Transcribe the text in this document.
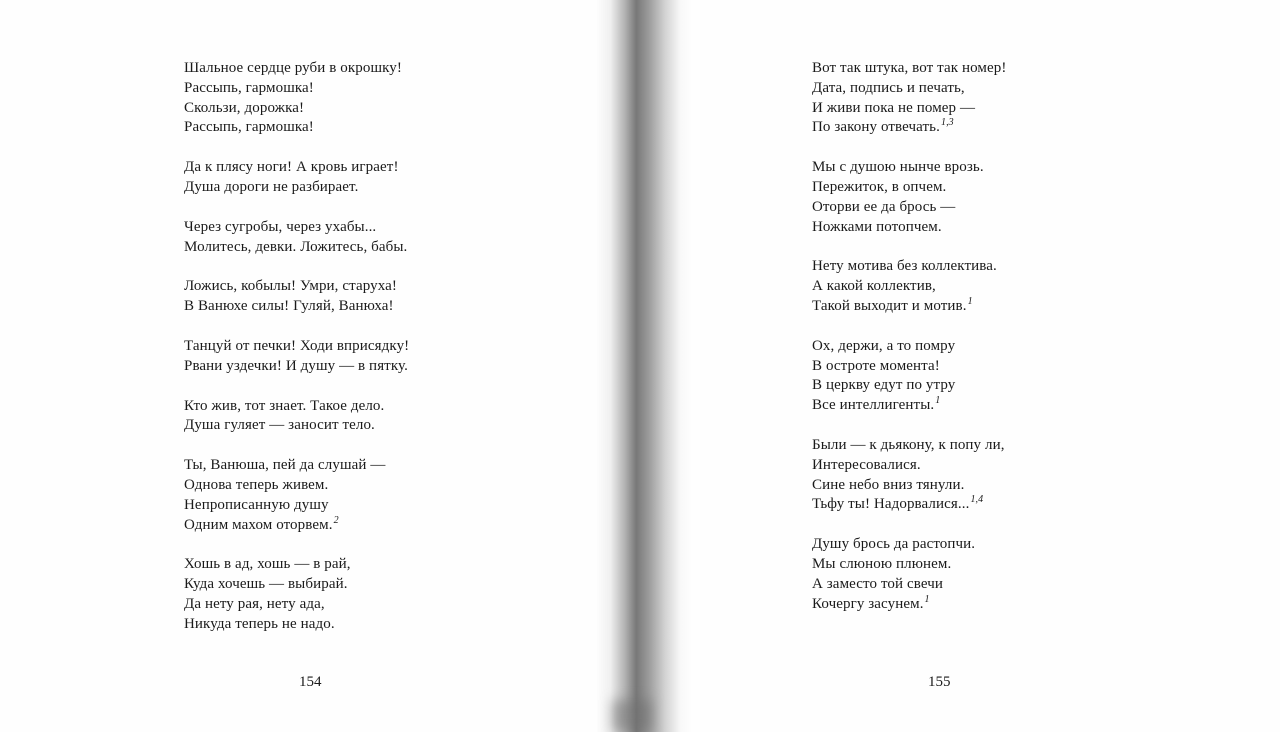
Шальное сердце руби в окрошку!
Рассыпь, гармошка!
Скользи, дорожка!
Рассыпь, гармошка!
Да к плясу ноги! А кровь играет!
Душа дороги не разбирает.
Через сугробы, через ухабы...
Молитесь, девки. Ложитесь, бабы.
Ложись, кобылы! Умри, старуха!
В Ванюхе силы! Гуляй, Ванюха!
Танцуй от печки! Ходи вприсядку!
Рвани уздечки! И душу — в пятку.
Кто жив, тот знает. Такое дело.
Душа гуляет — заносит тело.
Ты, Ванюша, пей да слушай —
Однова теперь живем.
Непрописанную душу
Одним махом оторвем.$^2$
Хошь в ад, хошь — в рай,
Куда хочешь — выбирай.
Да нету рая, нету ада,
Никуда теперь не надо.
Вот так штука, вот так номер!
Дата, подпись и печать,
И живи пока не помер —
По закону отвечать.$^{1,3}$
Мы с душою нынче врозь.
Пережиток, в опчем.
Оторви ее да брось —
Ножками потопчем.
Нету мотива без коллектива.
А какой коллектив,
Такой выходит и мотив.$^1$
Ох, держи, а то помру
В остроте момента!
В церкву едут по утру
Все интеллигенты.$^1$
Были — к дьякону, к попу ли,
Интересовалися.
Сине небо вниз тянули.
Тьфу ты! Надорвалися...$^{1,4}$
Душу брось да растопчи.
Мы слюною плюнем.
А заместо той свечи
Кочергу засунем.$^1$
154	155
